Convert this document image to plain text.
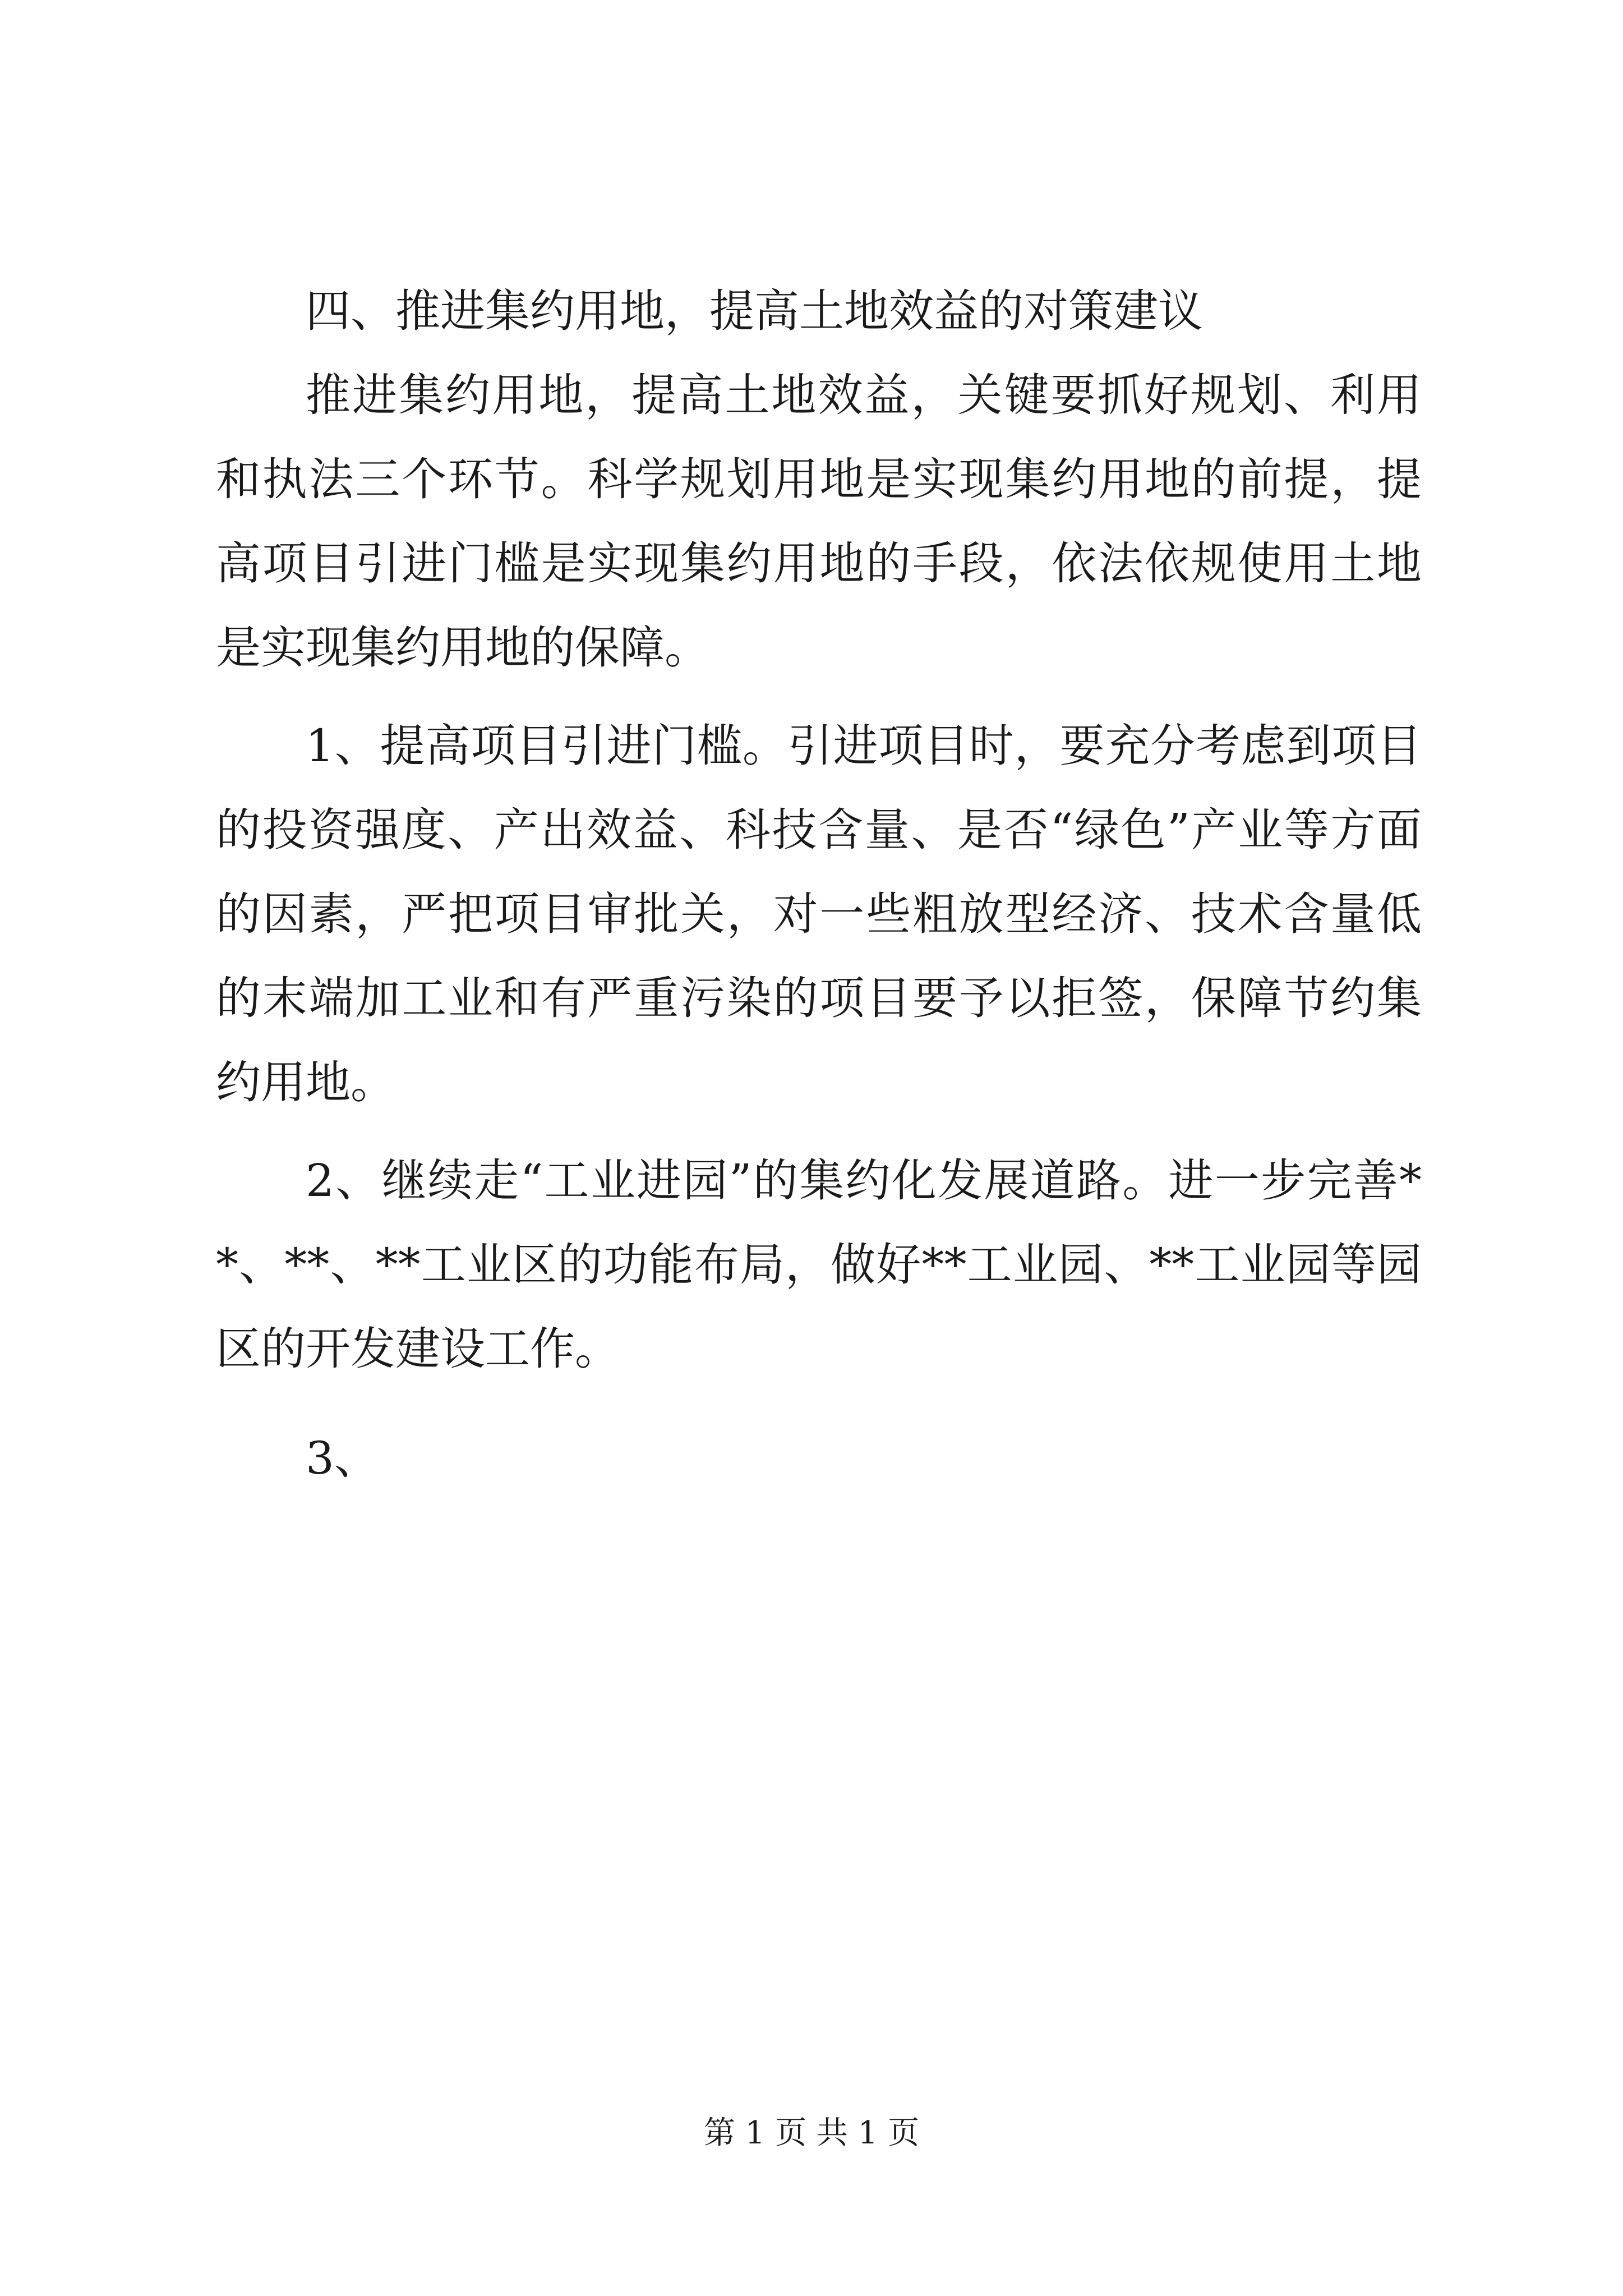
四、推进集约用地，提高土地效益的对策建议

推进集约用地，提高土地效益，关键要抓好规划、利用和执法三个环节。科学规划用地是实现集约用地的前提，提高项目引进门槛是实现集约用地的手段，依法依规使用土地是实现集约用地的保障。

1、提高项目引进门槛。引进项目时，要充分考虑到项目的投资强度、产出效益、科技含量、是否“绿色”产业等方面的因素，严把项目审批关，对一些粗放型经济、技术含量低的末端加工业和有严重污染的项目要予以拒签，保障节约集约用地。

2、继续走“工业进园”的集约化发展道路。进一步完善**、**、**工业区的功能布局，做好**工业园、**工业园等园区的开发建设工作。

3、

第 1 页 共 1 页
